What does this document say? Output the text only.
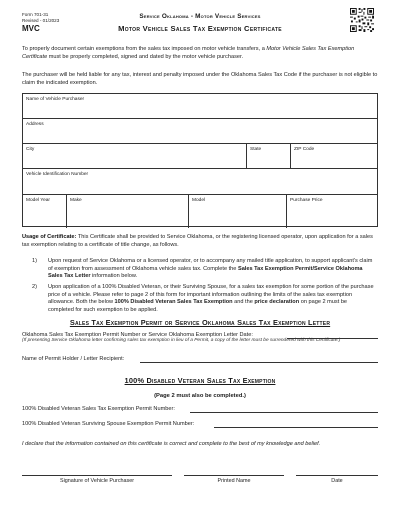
Form 701-31
Revised - 01/2023
MVC
Service Oklahoma - Motor Vehicle Services
Motor Vehicle Sales Tax Exemption Certificate

To properly document certain exemptions from the sales tax imposed on motor vehicle transfers, a Motor Vehicle Sales Tax Exemption Certificate must be properly completed, signed and dated by the motor vehicle purchaser.

The purchaser will be held liable for any tax, interest and penalty imposed under the Oklahoma Sales Tax Code if the purchaser is not eligible to claim the indicated exemption.

Name of Vehicle Purchaser
Address
City	State	ZIP Code
Vehicle Identification Number
Model Year	Make	Model	Purchase Price

Usage of Certificate: This Certificate shall be provided to Service Oklahoma, or the registering licensed operator, upon application for a sales tax exemption relating to a certificate of title change, as follows.

1) Upon request of Service Oklahoma or a licensed operator, or to accompany any mailed title application, to support applicant's claim of exemption from assessment of Oklahoma vehicle sales tax. Complete the Sales Tax Exemption Permit/Service Oklahoma Sales Tax Letter information below.
2) Upon application of a 100% Disabled Veteran, or their Surviving Spouse, for a sales tax exemption for some portion of the purchase price of a vehicle. Please refer to page 2 of this form for important information outlining the limits of the sales tax exemption allowance. Both the below 100% Disabled Veteran Sales Tax Exemption and the price declaration on page 2 must be completed for such exemption to be applied.
Sales Tax Exemption Permit or Service Oklahoma Sales Tax Exemption Letter
Oklahoma Sales Tax Exemption Permit Number or Service Oklahoma Exemption Letter Date:

(If presenting Service Oklahoma letter confirming sales tax exemption in lieu of a Permit, a copy of the letter must be surrendered with this Certificate.)

Name of Permit Holder / Letter Recipient:
100% Disabled Veteran Sales Tax Exemption
(Page 2 must also be completed.)
100% Disabled Veteran Sales Tax Exemption Permit Number:
100% Disabled Veteran Surviving Spouse Exemption Permit Number:

I declare that the information contained on this certificate is correct and complete to the best of my knowledge and belief.

Signature of Vehicle Purchaser	Printed Name	Date
